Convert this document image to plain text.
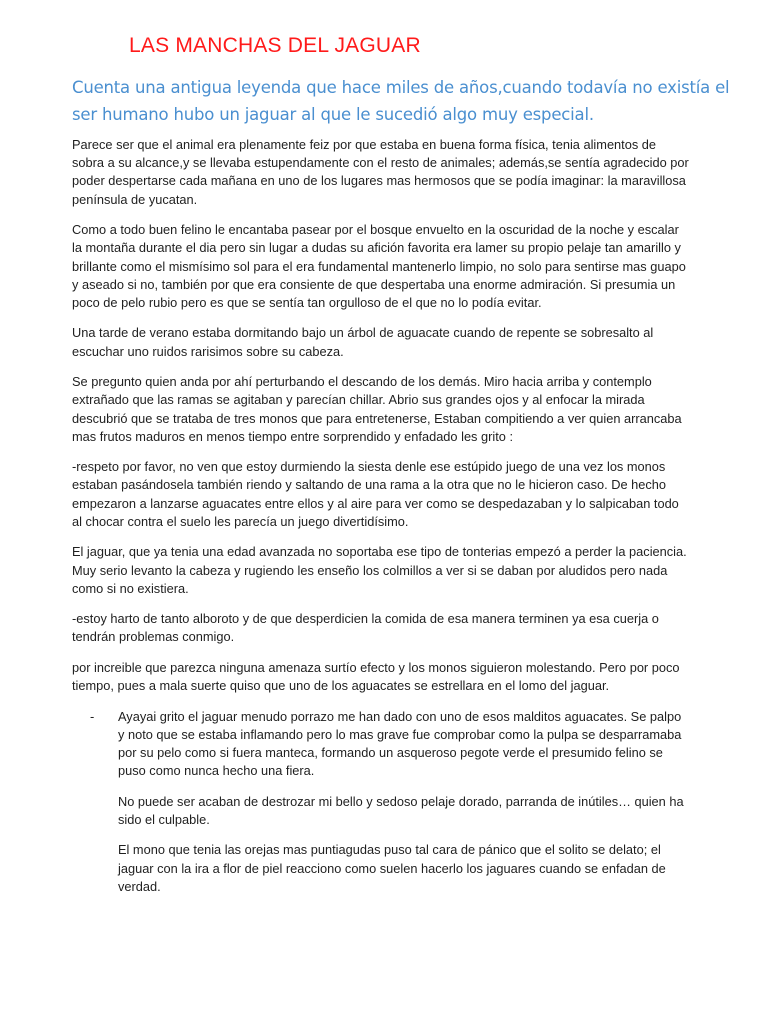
LAS MANCHAS DEL JAGUAR

Cuenta una antigua leyenda que hace miles de años,cuando todavía no existía el ser humano hubo un jaguar al que le sucedió algo muy especial.

Parece ser que el animal era plenamente feiz por que estaba en buena forma física, tenia alimentos de sobra a su alcance,y se llevaba estupendamente con el resto de animales; además,se sentía agradecido por poder despertarse cada mañana en uno de los lugares mas hermosos que se podía imaginar: la maravillosa península de yucatan.

Como a todo buen felino le encantaba pasear por el bosque envuelto en la oscuridad de la noche y escalar la montaña durante el dia pero sin lugar a dudas su afición favorita era lamer su propio pelaje tan amarillo y brillante como el mismísimo sol para el era fundamental mantenerlo limpio, no solo para sentirse mas guapo y aseado si no, también por que era consiente de que despertaba una enorme admiración. Si presumia un poco de pelo rubio pero es que se sentía tan orgulloso de el que no lo podía evitar.

Una tarde de verano estaba dormitando bajo un árbol de aguacate cuando de repente se sobresalto al escuchar uno ruidos rarisimos sobre su cabeza.

Se pregunto quien anda por ahí perturbando el descando de los demás. Miro hacia arriba y contemplo extrañado que las ramas se agitaban y parecían chillar. Abrio sus grandes ojos y al enfocar la mirada descubrió que se trataba de tres monos que para entretenerse, Estaban compitiendo a ver quien arrancaba mas frutos maduros en menos tiempo entre sorprendido y enfadado les grito :

-respeto por favor, no ven que estoy durmiendo la siesta denle ese estúpido juego de una vez los monos estaban pasándosela también riendo y saltando de una rama a la otra que no le hicieron caso. De hecho empezaron a lanzarse aguacates entre ellos y al aire para ver como se despedazaban y lo salpicaban todo al chocar contra el suelo les parecía un juego divertidísimo.

El jaguar, que ya tenia una edad avanzada no soportaba ese tipo de tonterias empezó a perder la paciencia. Muy serio levanto la cabeza y rugiendo les enseño los colmillos a ver si se daban por aludidos pero nada como si no existiera.

-estoy harto de tanto alboroto y de que desperdicien la comida de esa manera terminen ya esa cuerja o tendrán problemas conmigo.

por increible que parezca ninguna amenaza surtío efecto y los monos siguieron molestando. Pero por poco tiempo, pues a mala suerte quiso que uno de los aguacates se estrellara en el lomo del jaguar.

- Ayayai grito el jaguar menudo porrazo me han dado con uno de esos malditos aguacates. Se palpo y noto que se estaba inflamando pero lo mas grave fue comprobar como la pulpa se desparramaba por su pelo como si fuera manteca, formando un asqueroso pegote verde el presumido felino se puso como nunca hecho una fiera.

No puede ser acaban de destrozar mi bello y sedoso pelaje dorado, parranda de inútiles… quien ha sido el culpable.

El mono que tenia las orejas mas puntiagudas puso tal cara de pánico que el solito se delato; el jaguar con la ira a flor de piel reacciono como suelen hacerlo los jaguares cuando se enfadan de verdad.
